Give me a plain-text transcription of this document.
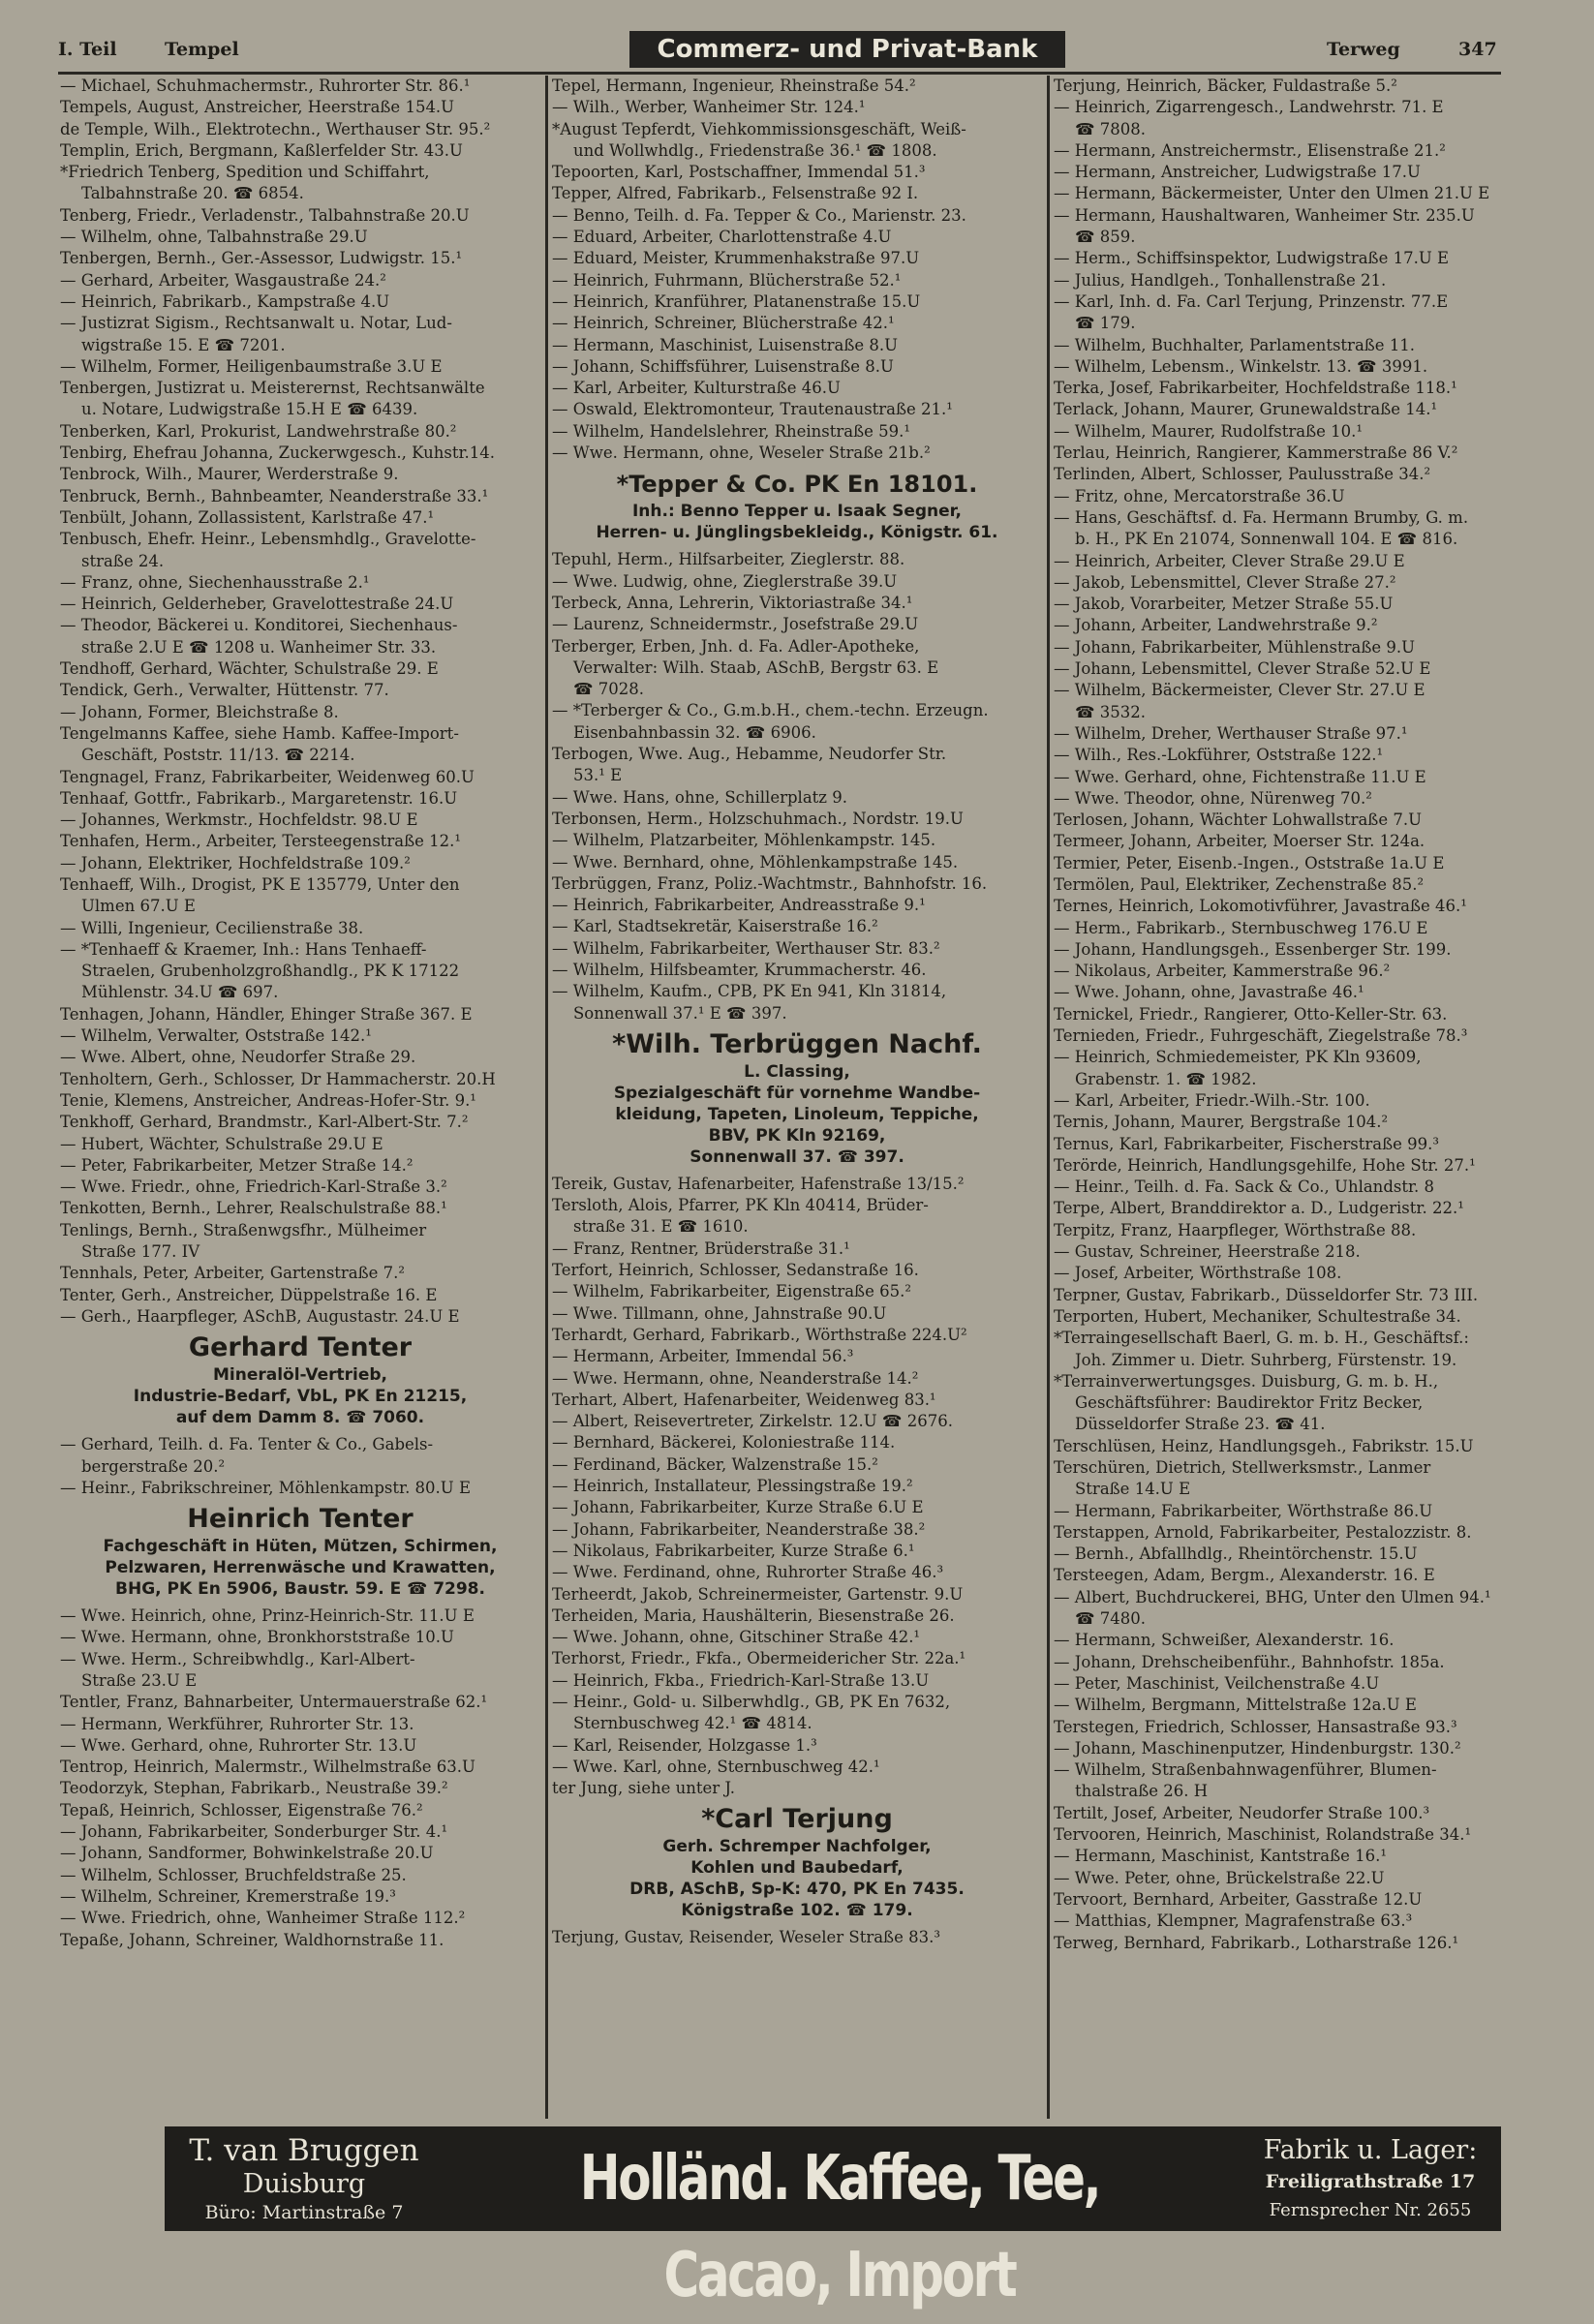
I. Teil	Tempel	Commerz- und Privat-Bank	Terweg	347
— Michael, Schuhmachermstr., Ruhrorter Str. 86.¹
Tempels, August, Anstreicher, Heerstraße 154.U
de Temple, Wilh., Elektrotechn., Werthauser Str. 95.²
Templin, Erich, Bergmann, Kaßlerfelder Str. 43.U
*Friedrich Tenberg, Spedition und Schiffahrt,
Talbahnstraße 20. ☎ 6854.
Tenberg, Friedr., Verladenstr., Talbahnstraße 20.U
— Wilhelm, ohne, Talbahnstraße 29.U
Tenbergen, Bernh., Ger.-Assessor, Ludwigstr. 15.¹
— Gerhard, Arbeiter, Wasgaustraße 24.²
— Heinrich, Fabrikarb., Kampstraße 4.U
— Justizrat Sigism., Rechtsanwalt u. Notar, Lud-
wigstraße 15. E ☎ 7201.
— Wilhelm, Former, Heiligenbaumstraße 3.U E
Tenbergen, Justizrat u. Meisterernst, Rechtsanwälte
u. Notare, Ludwigstraße 15.H E ☎ 6439.
Tenberken, Karl, Prokurist, Landwehrstraße 80.²
Tenbirg, Ehefrau Johanna, Zuckerwgesch., Kuhstr.14.
Tenbrock, Wilh., Maurer, Werderstraße 9.
Tenbruck, Bernh., Bahnbeamter, Neanderstraße 33.¹
Tenbült, Johann, Zollassistent, Karlstraße 47.¹
Tenbusch, Ehefr. Heinr., Lebensmhdlg., Gravelotte-
straße 24.
— Franz, ohne, Siechenhausstraße 2.¹
— Heinrich, Gelderheber, Gravelottestraße 24.U
— Theodor, Bäckerei u. Konditorei, Siechenhaus-
straße 2.U E ☎ 1208 u. Wanheimer Str. 33.
Tendhoff, Gerhard, Wächter, Schulstraße 29. E
Tendick, Gerh., Verwalter, Hüttenstr. 77.
— Johann, Former, Bleichstraße 8.
Tengelmanns Kaffee, siehe Hamb. Kaffee-Import-
Geschäft, Poststr. 11/13. ☎ 2214.
Tengnagel, Franz, Fabrikarbeiter, Weidenweg 60.U
Tenhaaf, Gottfr., Fabrikarb., Margaretenstr. 16.U
— Johannes, Werkmstr., Hochfeldstr. 98.U E
Tenhafen, Herm., Arbeiter, Tersteegenstraße 12.¹
— Johann, Elektriker, Hochfeldstraße 109.²
Tenhaeff, Wilh., Drogist, PK E 135779, Unter den
Ulmen 67.U E
— Willi, Ingenieur, Cecilienstraße 38.
— *Tenhaeff & Kraemer, Inh.: Hans Tenhaeff-
Straelen, Grubenholzgroßhandlg., PK K 17122
Mühlenstr. 34.U ☎ 697.
Tenhagen, Johann, Händler, Ehinger Straße 367. E
— Wilhelm, Verwalter, Oststraße 142.¹
— Wwe. Albert, ohne, Neudorfer Straße 29.
Tenholtern, Gerh., Schlosser, Dr Hammacherstr. 20.H
Tenie, Klemens, Anstreicher, Andreas-Hofer-Str. 9.¹
Tenkhoff, Gerhard, Brandmstr., Karl-Albert-Str. 7.²
— Hubert, Wächter, Schulstraße 29.U E
— Peter, Fabrikarbeiter, Metzer Straße 14.²
— Wwe. Friedr., ohne, Friedrich-Karl-Straße 3.²
Tenkotten, Bernh., Lehrer, Realschulstraße 88.¹
Tenlings, Bernh., Straßenwgsfhr., Mülheimer
Straße 177. IV
Tennhals, Peter, Arbeiter, Gartenstraße 7.²
Tenter, Gerh., Anstreicher, Düppelstraße 16. E
— Gerh., Haarpfleger, ASchB, Augustastr. 24.U E
Gerhard Tenter
Mineralöl-Vertrieb,
Industrie-Bedarf, VbL, PK En 21215,
auf dem Damm 8. ☎ 7060.
— Gerhard, Teilh. d. Fa. Tenter & Co., Gabels-
bergerstraße 20.²
— Heinr., Fabrikschreiner, Möhlenkampstr. 80.U E
Heinrich Tenter
Fachgeschäft in Hüten, Mützen, Schirmen,
Pelzwaren, Herrenwäsche und Krawatten,
BHG, PK En 5906, Baustr. 59. E ☎ 7298.
— Wwe. Heinrich, ohne, Prinz-Heinrich-Str. 11.U E
— Wwe. Hermann, ohne, Bronkhorststraße 10.U
— Wwe. Herm., Schreibwhdlg., Karl-Albert-
Straße 23.U E
Tentler, Franz, Bahnarbeiter, Untermauerstraße 62.¹
— Hermann, Werkführer, Ruhrorter Str. 13.
— Wwe. Gerhard, ohne, Ruhrorter Str. 13.U
Tentrop, Heinrich, Malermstr., Wilhelmstraße 63.U
Teodorzyk, Stephan, Fabrikarb., Neustraße 39.²
Tepaß, Heinrich, Schlosser, Eigenstraße 76.²
— Johann, Fabrikarbeiter, Sonderburger Str. 4.¹
— Johann, Sandformer, Bohwinkelstraße 20.U
— Wilhelm, Schlosser, Bruchfeldstraße 25.
— Wilhelm, Schreiner, Kremerstraße 19.³
— Wwe. Friedrich, ohne, Wanheimer Straße 112.²
Tepaße, Johann, Schreiner, Waldhornstraße 11.
Tepel, Hermann, Ingenieur, Rheinstraße 54.²
— Wilh., Werber, Wanheimer Str. 124.¹
*August Tepferdt, Viehkommissionsgeschäft, Weiß-
und Wollwhdlg., Friedenstraße 36.¹ ☎ 1808.
Tepoorten, Karl, Postschaffner, Immendal 51.³
Tepper, Alfred, Fabrikarb., Felsenstraße 92 I.
— Benno, Teilh. d. Fa. Tepper & Co., Marienstr. 23.
— Eduard, Arbeiter, Charlottenstraße 4.U
— Eduard, Meister, Krummenhakstraße 97.U
— Heinrich, Fuhrmann, Blücherstraße 52.¹
— Heinrich, Kranführer, Platanenstraße 15.U
— Heinrich, Schreiner, Blücherstraße 42.¹
— Hermann, Maschinist, Luisenstraße 8.U
— Johann, Schiffsführer, Luisenstraße 8.U
— Karl, Arbeiter, Kulturstraße 46.U
— Oswald, Elektromonteur, Trautenaustraße 21.¹
— Wilhelm, Handelslehrer, Rheinstraße 59.¹
— Wwe. Hermann, ohne, Weseler Straße 21b.²
*Tepper & Co. PK En 18101.
Inh.: Benno Tepper u. Isaak Segner,
Herren- u. Jünglingsbekleidg., Königstr. 61.
Tepuhl, Herm., Hilfsarbeiter, Zieglerstr. 88.
— Wwe. Ludwig, ohne, Zieglerstraße 39.U
Terbeck, Anna, Lehrerin, Viktoriastraße 34.¹
— Laurenz, Schneidermstr., Josefstraße 29.U
Terberger, Erben, Jnh. d. Fa. Adler-Apotheke,
Verwalter: Wilh. Staab, ASchB, Bergstr 63. E
☎ 7028.
— *Terberger & Co., G.m.b.H., chem.-techn. Erzeugn.
Eisenbahnbassin 32. ☎ 6906.
Terbogen, Wwe. Aug., Hebamme, Neudorfer Str.
53.¹ E
— Wwe. Hans, ohne, Schillerplatz 9.
Terbonsen, Herm., Holzschuhmach., Nordstr. 19.U
— Wilhelm, Platzarbeiter, Möhlenkampstr. 145.
— Wwe. Bernhard, ohne, Möhlenkampstraße 145.
Terbrüggen, Franz, Poliz.-Wachtmstr., Bahnhofstr. 16.
— Heinrich, Fabrikarbeiter, Andreasstraße 9.¹
— Karl, Stadtsekretär, Kaiserstraße 16.²
— Wilhelm, Fabrikarbeiter, Werthauser Str. 83.²
— Wilhelm, Hilfsbeamter, Krummacherstr. 46.
— Wilhelm, Kaufm., CPB, PK En 941, Kln 31814,
Sonnenwall 37.¹ E ☎ 397.
*Wilh. Terbrüggen Nachf.
L. Classing,
Spezialgeschäft für vornehme Wandbe-
kleidung, Tapeten, Linoleum, Teppiche,
BBV, PK Kln 92169,
Sonnenwall 37. ☎ 397.
Tereik, Gustav, Hafenarbeiter, Hafenstraße 13/15.²
Tersloth, Alois, Pfarrer, PK Kln 40414, Brüder-
straße 31. E ☎ 1610.
— Franz, Rentner, Brüderstraße 31.¹
Terfort, Heinrich, Schlosser, Sedanstraße 16.
— Wilhelm, Fabrikarbeiter, Eigenstraße 65.²
— Wwe. Tillmann, ohne, Jahnstraße 90.U
Terhardt, Gerhard, Fabrikarb., Wörthstraße 224.U²
— Hermann, Arbeiter, Immendal 56.³
— Wwe. Hermann, ohne, Neanderstraße 14.²
Terhart, Albert, Hafenarbeiter, Weidenweg 83.¹
— Albert, Reisevertreter, Zirkelstr. 12.U ☎ 2676.
— Bernhard, Bäckerei, Koloniestraße 114.
— Ferdinand, Bäcker, Walzenstraße 15.²
— Heinrich, Installateur, Plessingstraße 19.²
— Johann, Fabrikarbeiter, Kurze Straße 6.U E
— Johann, Fabrikarbeiter, Neanderstraße 38.²
— Nikolaus, Fabrikarbeiter, Kurze Straße 6.¹
— Wwe. Ferdinand, ohne, Ruhrorter Straße 46.³
Terheerdt, Jakob, Schreinermeister, Gartenstr. 9.U
Terheiden, Maria, Haushälterin, Biesenstraße 26.
— Wwe. Johann, ohne, Gitschiner Straße 42.¹
Terhorst, Friedr., Fkfa., Obermeidericher Str. 22a.¹
— Heinrich, Fkba., Friedrich-Karl-Straße 13.U
— Heinr., Gold- u. Silberwhdlg., GB, PK En 7632,
Sternbuschweg 42.¹ ☎ 4814.
— Karl, Reisender, Holzgasse 1.³
— Wwe. Karl, ohne, Sternbuschweg 42.¹
ter Jung, siehe unter J.
*Carl Terjung
Gerh. Schremper Nachfolger,
Kohlen und Baubedarf,
DRB, ASchB, Sp-K: 470, PK En 7435.
Königstraße 102. ☎ 179.
Terjung, Gustav, Reisender, Weseler Straße 83.³
Terjung, Heinrich, Bäcker, Fuldastraße 5.²
— Heinrich, Zigarrengesch., Landwehrstr. 71. E
☎ 7808.
— Hermann, Anstreichermstr., Elisenstraße 21.²
— Hermann, Anstreicher, Ludwigstraße 17.U
— Hermann, Bäckermeister, Unter den Ulmen 21.U E
— Hermann, Haushaltwaren, Wanheimer Str. 235.U
☎ 859.
— Herm., Schiffsinspektor, Ludwigstraße 17.U E
— Julius, Handlgeh., Tonhallenstraße 21.
— Karl, Inh. d. Fa. Carl Terjung, Prinzenstr. 77.E
☎ 179.
— Wilhelm, Buchhalter, Parlamentstraße 11.
— Wilhelm, Lebensm., Winkelstr. 13. ☎ 3991.
Terka, Josef, Fabrikarbeiter, Hochfeldstraße 118.¹
Terlack, Johann, Maurer, Grunewaldstraße 14.¹
— Wilhelm, Maurer, Rudolfstraße 10.¹
Terlau, Heinrich, Rangierer, Kammerstraße 86 V.²
Terlinden, Albert, Schlosser, Paulusstraße 34.²
— Fritz, ohne, Mercatorstraße 36.U
— Hans, Geschäftsf. d. Fa. Hermann Brumby, G. m.
b. H., PK En 21074, Sonnenwall 104. E ☎ 816.
— Heinrich, Arbeiter, Clever Straße 29.U E
— Jakob, Lebensmittel, Clever Straße 27.²
— Jakob, Vorarbeiter, Metzer Straße 55.U
— Johann, Arbeiter, Landwehrstraße 9.²
— Johann, Fabrikarbeiter, Mühlenstraße 9.U
— Johann, Lebensmittel, Clever Straße 52.U E
— Wilhelm, Bäckermeister, Clever Str. 27.U E
☎ 3532.
— Wilhelm, Dreher, Werthauser Straße 97.¹
— Wilh., Res.-Lokführer, Oststraße 122.¹
— Wwe. Gerhard, ohne, Fichtenstraße 11.U E
— Wwe. Theodor, ohne, Nürenweg 70.²
Terlosen, Johann, Wächter Lohwallstraße 7.U
Termeer, Johann, Arbeiter, Moerser Str. 124a.
Termier, Peter, Eisenb.-Ingen., Oststraße 1a.U E
Termölen, Paul, Elektriker, Zechenstraße 85.²
Ternes, Heinrich, Lokomotivführer, Javastraße 46.¹
— Herm., Fabrikarb., Sternbuschweg 176.U E
— Johann, Handlungsgeh., Essenberger Str. 199.
— Nikolaus, Arbeiter, Kammerstraße 96.²
— Wwe. Johann, ohne, Javastraße 46.¹
Ternickel, Friedr., Rangierer, Otto-Keller-Str. 63.
Ternieden, Friedr., Fuhrgeschäft, Ziegelstraße 78.³
— Heinrich, Schmiedemeister, PK Kln 93609,
Grabenstr. 1. ☎ 1982.
— Karl, Arbeiter, Friedr.-Wilh.-Str. 100.
Ternis, Johann, Maurer, Bergstraße 104.²
Ternus, Karl, Fabrikarbeiter, Fischerstraße 99.³
Terörde, Heinrich, Handlungsgehilfe, Hohe Str. 27.¹
— Heinr., Teilh. d. Fa. Sack & Co., Uhlandstr. 8
Terpe, Albert, Branddirektor a. D., Ludgeristr. 22.¹
Terpitz, Franz, Haarpfleger, Wörthstraße 88.
— Gustav, Schreiner, Heerstraße 218.
— Josef, Arbeiter, Wörthstraße 108.
Terpner, Gustav, Fabrikarb., Düsseldorfer Str. 73 III.
Terporten, Hubert, Mechaniker, Schultestraße 34.
*Terraingesellschaft Baerl, G. m. b. H., Geschäftsf.:
Joh. Zimmer u. Dietr. Suhrberg, Fürstenstr. 19.
*Terrainverwertungsges. Duisburg, G. m. b. H.,
Geschäftsführer: Baudirektor Fritz Becker,
Düsseldorfer Straße 23. ☎ 41.
Terschlüsen, Heinz, Handlungsgeh., Fabrikstr. 15.U
Terschüren, Dietrich, Stellwerksmstr., Lanmer
Straße 14.U E
— Hermann, Fabrikarbeiter, Wörthstraße 86.U
Terstappen, Arnold, Fabrikarbeiter, Pestalozzistr. 8.
— Bernh., Abfallhdlg., Rheintörchenstr. 15.U
Tersteegen, Adam, Bergm., Alexanderstr. 16. E
— Albert, Buchdruckerei, BHG, Unter den Ulmen 94.¹
☎ 7480.
— Hermann, Schweißer, Alexanderstr. 16.
— Johann, Drehscheibenführ., Bahnhofstr. 185a.
— Peter, Maschinist, Veilchenstraße 4.U
— Wilhelm, Bergmann, Mittelstraße 12a.U E
Terstegen, Friedrich, Schlosser, Hansastraße 93.³
— Johann, Maschinenputzer, Hindenburgstr. 130.²
— Wilhelm, Straßenbahnwagenführer, Blumen-
thalstraße 26. H
Tertilt, Josef, Arbeiter, Neudorfer Straße 100.³
Tervooren, Heinrich, Maschinist, Rolandstraße 34.¹
— Hermann, Maschinist, Kantstraße 16.¹
— Wwe. Peter, ohne, Brückelstraße 22.U
Tervoort, Bernhard, Arbeiter, Gasstraße 12.U
— Matthias, Klempner, Magrafenstraße 63.³
Terweg, Bernhard, Fabrikarb., Lotharstraße 126.¹
T. van Bruggen
Duisburg
Büro: Martinstraße 7	Holländ. Kaffee, Tee, Cacao, Import
Fabrik u. Lager:
Freiligrathstraße 17
Fernsprecher Nr. 2655
